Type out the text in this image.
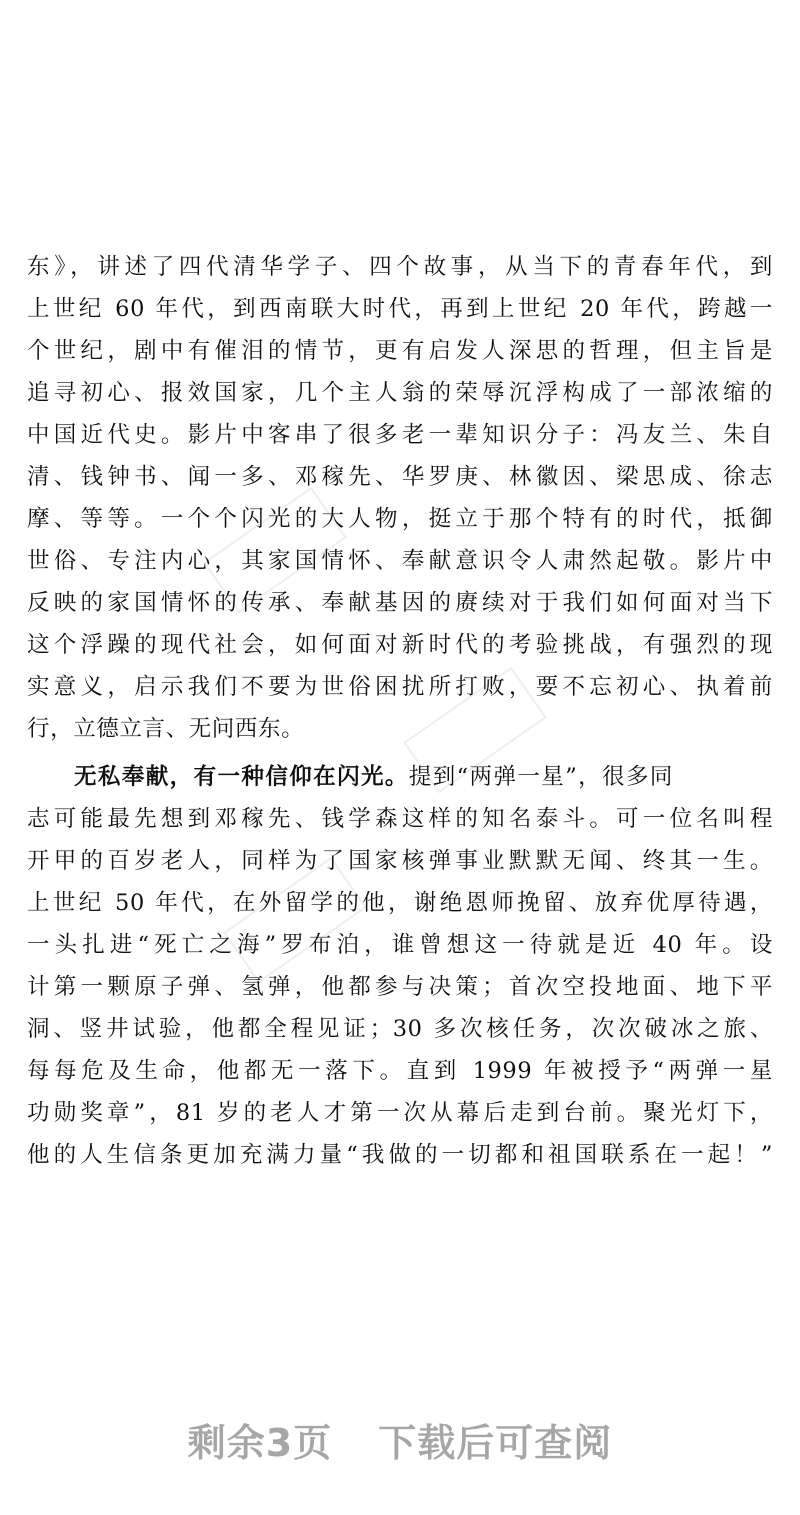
东》，讲述了四代清华学子、四个故事，从当下的青春年代，到
上世纪 60 年代，到西南联大时代，再到上世纪 20 年代，跨越一
个世纪，剧中有催泪的情节，更有启发人深思的哲理，但主旨是
追寻初心、报效国家，几个主人翁的荣辱沉浮构成了一部浓缩的
中国近代史。影片中客串了很多老一辈知识分子：冯友兰、朱自
清、钱钟书、闻一多、邓稼先、华罗庚、林徽因、梁思成、徐志
摩、等等。一个个闪光的大人物，挺立于那个特有的时代，抵御
世俗、专注内心，其家国情怀、奉献意识令人肃然起敬。影片中
反映的家国情怀的传承、奉献基因的赓续对于我们如何面对当下
这个浮躁的现代社会，如何面对新时代的考验挑战，有强烈的现
实意义，启示我们不要为世俗困扰所打败，要不忘初心、执着前
行，立德立言、无问西东。
无私奉献，有一种信仰在闪光。提到“两弹一星”，很多同
志可能最先想到邓稼先、钱学森这样的知名泰斗。可一位名叫程
开甲的百岁老人，同样为了国家核弹事业默默无闻、终其一生。
上世纪 50 年代，在外留学的他，谢绝恩师挽留、放弃优厚待遇，
一头扎进“死亡之海”罗布泊，谁曾想这一待就是近 40 年。设
计第一颗原子弹、氢弹，他都参与决策；首次空投地面、地下平
洞、竖井试验，他都全程见证；30 多次核任务，次次破冰之旅、
每每危及生命，他都无一落下。直到 1999 年被授予“两弹一星
功勋奖章”，81 岁的老人才第一次从幕后走到台前。聚光灯下，
他的人生信条更加充满力量“我做的一切都和祖国联系在一起！”
剩余3页 下载后可查阅
